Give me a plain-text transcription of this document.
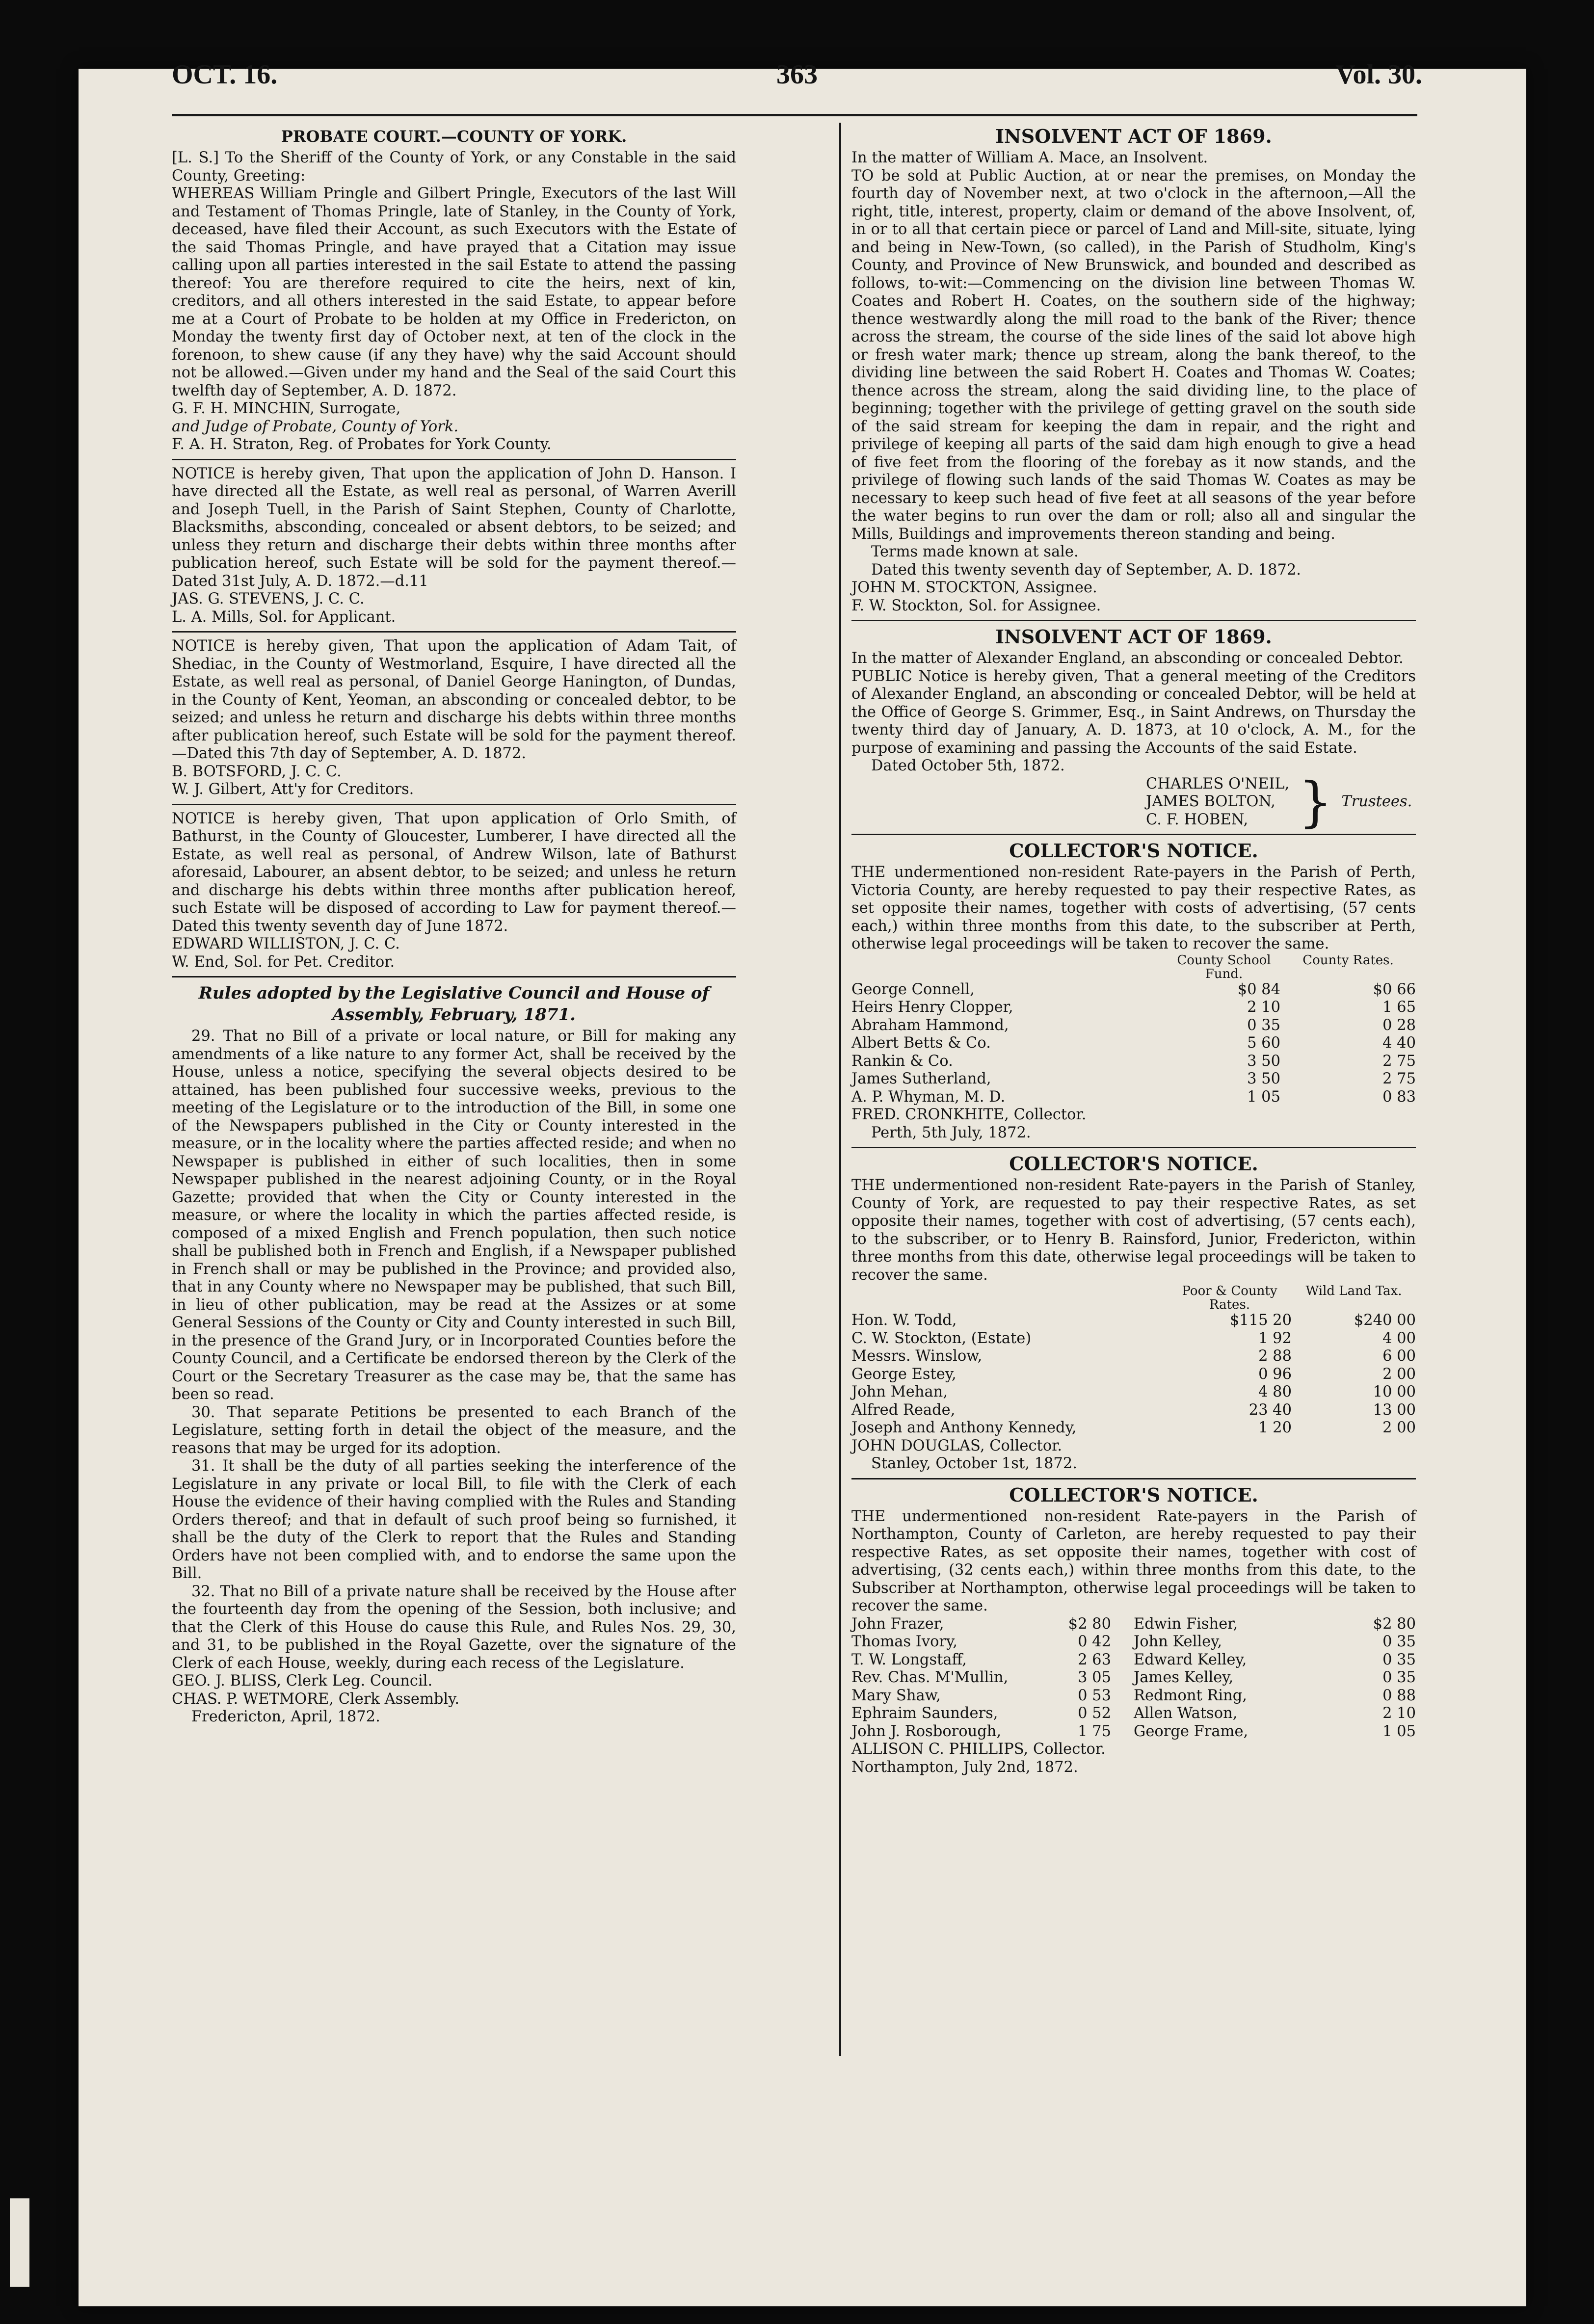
OCT. 16.	363	Vol. 30.
PROBATE COURT.—COUNTY OF YORK.

[L. S.] To the Sheriff of the County of York, or any Constable in the said County, Greeting:

WHEREAS William Pringle and Gilbert Pringle, Executors of the last Will and Testament of Thomas Pringle, late of Stanley, in the County of York, deceased, have filed their Account, as such Executors with the Estate of the said Thomas Pringle, and have prayed that a Citation may issue calling upon all parties interested in the sail Estate to attend the passing thereof: You are therefore required to cite the heirs, next of kin, creditors, and all others interested in the said Estate, to appear before me at a Court of Probate to be holden at my Office in Fredericton, on Monday the twenty first day of October next, at ten of the clock in the forenoon, to shew cause (if any they have) why the said Account should not be allowed.—Given under my hand and the Seal of the said Court this twelfth day of September, A. D. 1872.

G. F. H. MINCHIN, Surrogate,

and Judge of Probate, County of York.

F. A. H. Straton, Reg. of Probates for York County.

NOTICE is hereby given, That upon the application of John D. Hanson. I have directed all the Estate, as well real as personal, of Warren Averill and Joseph Tuell, in the Parish of Saint Stephen, County of Charlotte, Blacksmiths, absconding, concealed or absent debtors, to be seized; and unless they return and discharge their debts within three months after publication hereof, such Estate will be sold for the payment thereof.—Dated 31st July, A. D. 1872.—d.11

JAS. G. STEVENS, J. C. C.

L. A. Mills, Sol. for Applicant.

NOTICE is hereby given, That upon the application of Adam Tait, of Shediac, in the County of Westmorland, Esquire, I have directed all the Estate, as well real as personal, of Daniel George Hanington, of Dundas, in the County of Kent, Yeoman, an absconding or concealed debtor, to be seized; and unless he return and discharge his debts within three months after publication hereof, such Estate will be sold for the payment thereof. —Dated this 7th day of September, A. D. 1872.

B. BOTSFORD, J. C. C.

W. J. Gilbert, Att'y for Creditors.

NOTICE is hereby given, That upon application of Orlo Smith, of Bathurst, in the County of Gloucester, Lumberer, I have directed all the Estate, as well real as personal, of Andrew Wilson, late of Bathurst aforesaid, Labourer, an absent debtor, to be seized; and unless he return and discharge his debts within three months after publication hereof, such Estate will be disposed of according to Law for payment thereof.—Dated this twenty seventh day of June 1872.

EDWARD WILLISTON, J. C. C.

W. End, Sol. for Pet. Creditor.

Rules adopted by the Legislative Council and House of Assembly, February, 1871.

29. That no Bill of a private or local nature, or Bill for making any amendments of a like nature to any former Act, shall be received by the House, unless a notice, specifying the several objects desired to be attained, has been published four successive weeks, previous to the meeting of the Legislature or to the introduction of the Bill, in some one of the Newspapers published in the City or County interested in the measure, or in the locality where the parties affected reside; and when no Newspaper is published in either of such localities, then in some Newspaper published in the nearest adjoining County, or in the Royal Gazette; provided that when the City or County interested in the measure, or where the locality in which the parties affected reside, is composed of a mixed English and French population, then such notice shall be published both in French and English, if a Newspaper published in French shall or may be published in the Province; and provided also, that in any County where no Newspaper may be published, that such Bill, in lieu of other publication, may be read at the Assizes or at some General Sessions of the County or City and County interested in such Bill, in the presence of the Grand Jury, or in Incorporated Counties before the County Council, and a Certificate be endorsed thereon by the Clerk of the Court or the Secretary Treasurer as the case may be, that the same has been so read.

30. That separate Petitions be presented to each Branch of the Legislature, setting forth in detail the object of the measure, and the reasons that may be urged for its adoption.

31. It shall be the duty of all parties seeking the interference of the Legislature in any private or local Bill, to file with the Clerk of each House the evidence of their having complied with the Rules and Standing Orders thereof; and that in default of such proof being so furnished, it shall be the duty of the Clerk to report that the Rules and Standing Orders have not been complied with, and to endorse the same upon the Bill.

32. That no Bill of a private nature shall be received by the House after the fourteenth day from the opening of the Session, both inclusive; and that the Clerk of this House do cause this Rule, and Rules Nos. 29, 30, and 31, to be published in the Royal Gazette, over the signature of the Clerk of each House, weekly, during each recess of the Legislature.

GEO. J. BLISS, Clerk Leg. Council.

CHAS. P. WETMORE, Clerk Assembly.

Fredericton, April, 1872.

INSOLVENT ACT OF 1869.

In the matter of William A. Mace, an Insolvent.

TO be sold at Public Auction, at or near the premises, on Monday the fourth day of November next, at two o'clock in the afternoon,—All the right, title, interest, property, claim or demand of the above Insolvent, of, in or to all that certain piece or parcel of Land and Mill-site, situate, lying and being in New-Town, (so called), in the Parish of Studholm, King's County, and Province of New Brunswick, and bounded and described as follows, to-wit:—Commencing on the division line between Thomas W. Coates and Robert H. Coates, on the southern side of the highway; thence westwardly along the mill road to the bank of the River; thence across the stream, the course of the side lines of the said lot above high or fresh water mark; thence up stream, along the bank thereof, to the dividing line between the said Robert H. Coates and Thomas W. Coates; thence across the stream, along the said dividing line, to the place of beginning; together with the privilege of getting gravel on the south side of the said stream for keeping the dam in repair, and the right and privilege of keeping all parts of the said dam high enough to give a head of five feet from the flooring of the forebay as it now stands, and the privilege of flowing such lands of the said Thomas W. Coates as may be necessary to keep such head of five feet at all seasons of the year before the water begins to run over the dam or roll; also all and singular the Mills, Buildings and improvements thereon standing and being.

Terms made known at sale.

Dated this twenty seventh day of September, A. D. 1872.

JOHN M. STOCKTON, Assignee.

F. W. Stockton, Sol. for Assignee.

INSOLVENT ACT OF 1869.

In the matter of Alexander England, an absconding or concealed Debtor.

PUBLIC Notice is hereby given, That a general meeting of the Creditors of Alexander England, an absconding or concealed Debtor, will be held at the Office of George S. Grimmer, Esq., in Saint Andrews, on Thursday the twenty third day of January, A. D. 1873, at 10 o'clock, A. M., for the purpose of examining and passing the Accounts of the said Estate.

Dated October 5th, 1872.

CHARLES O'NEIL,
JAMES BOLTON,
C. F. HOBEN, } Trustees.
COLLECTOR'S NOTICE.

THE undermentioned non-resident Rate-payers in the Parish of Perth, Victoria County, are hereby requested to pay their respective Rates, as set opposite their names, together with costs of advertising, (57 cents each,) within three months from this date, to the subscriber at Perth, otherwise legal proceedings will be taken to recover the same.

	County School Fund.	County Rates.
George Connell,	$0 84	$0 66
Heirs Henry Clopper,	2 10	1 65
Abraham Hammond,	0 35	0 28
Albert Betts & Co.	5 60	4 40
Rankin & Co.	3 50	2 75
James Sutherland,	3 50	2 75
A. P. Whyman, M. D.	1 05	0 83

FRED. CRONKHITE, Collector.

Perth, 5th July, 1872.

COLLECTOR'S NOTICE.

THE undermentioned non-resident Rate-payers in the Parish of Stanley, County of York, are requested to pay their respective Rates, as set opposite their names, together with cost of advertising, (57 cents each), to the subscriber, or to Henry B. Rainsford, Junior, Fredericton, within three months from this date, otherwise legal proceedings will be taken to recover the same.

	Poor & County Rates.	Wild Land Tax.
Hon. W. Todd,	$115 20	$240 00
C. W. Stockton, (Estate)	1 92	4 00
Messrs. Winslow,	2 88	6 00
George Estey,	0 96	2 00
John Mehan,	4 80	10 00
Alfred Reade,	23 40	13 00
Joseph and Anthony Kennedy,	1 20	2 00

JOHN DOUGLAS, Collector.

Stanley, October 1st, 1872.

COLLECTOR'S NOTICE.

THE undermentioned non-resident Rate-payers in the Parish of Northampton, County of Carleton, are hereby requested to pay their respective Rates, as set opposite their names, together with cost of advertising, (32 cents each,) within three months from this date, to the Subscriber at Northampton, otherwise legal proceedings will be taken to recover the same.

John Frazer,	$2 80		Edwin Fisher,	$2 80
Thomas Ivory,	0 42		John Kelley,	0 35
T. W. Longstaff,	2 63		Edward Kelley,	0 35
Rev. Chas. M'Mullin,	3 05		James Kelley,	0 35
Mary Shaw,	0 53		Redmont Ring,	0 88
Ephraim Saunders,	0 52		Allen Watson,	2 10
John J. Rosborough,	1 75		George Frame,	1 05

ALLISON C. PHILLIPS, Collector.

Northampton, July 2nd, 1872.
